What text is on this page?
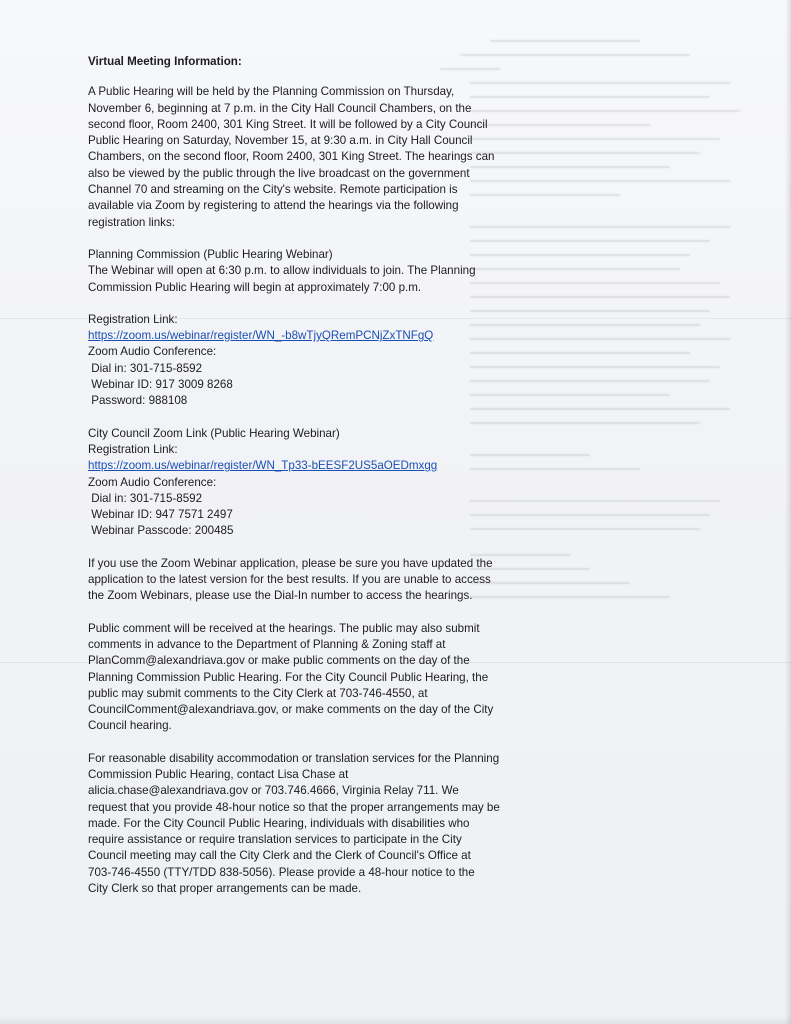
Virtual Meeting Information:
A Public Hearing will be held by the Planning Commission on Thursday,
November 6, beginning at 7 p.m. in the City Hall Council Chambers, on the
second floor, Room 2400, 301 King Street. It will be followed by a City Council
Public Hearing on Saturday, November 15, at 9:30 a.m. in City Hall Council
Chambers, on the second floor, Room 2400, 301 King Street. The hearings can
also be viewed by the public through the live broadcast on the government
Channel 70 and streaming on the City's website. Remote participation is
available via Zoom by registering to attend the hearings via the following
registration links:
Planning Commission (Public Hearing Webinar)
The Webinar will open at 6:30 p.m. to allow individuals to join. The Planning
Commission Public Hearing will begin at approximately 7:00 p.m.
Registration Link:
https://zoom.us/webinar/register/WN_-b8wTjyQRemPCNjZxTNFgQ
Zoom Audio Conference:
Dial in: 301-715-8592
Webinar ID: 917 3009 8268
Password: 988108
City Council Zoom Link (Public Hearing Webinar)
Registration Link:
https://zoom.us/webinar/register/WN_Tp33-bEESF2US5aOEDmxgg
Zoom Audio Conference:
Dial in: 301-715-8592
Webinar ID: 947 7571 2497
Webinar Passcode: 200485
If you use the Zoom Webinar application, please be sure you have updated the
application to the latest version for the best results. If you are unable to access
the Zoom Webinars, please use the Dial-In number to access the hearings.
Public comment will be received at the hearings. The public may also submit
comments in advance to the Department of Planning & Zoning staff at
PlanComm@alexandriava.gov or make public comments on the day of the
Planning Commission Public Hearing. For the City Council Public Hearing, the
public may submit comments to the City Clerk at 703-746-4550, at
CouncilComment@alexandriava.gov, or make comments on the day of the City
Council hearing.
For reasonable disability accommodation or translation services for the Planning
Commission Public Hearing, contact Lisa Chase at
alicia.chase@alexandriava.gov or 703.746.4666, Virginia Relay 711. We
request that you provide 48-hour notice so that the proper arrangements may be
made. For the City Council Public Hearing, individuals with disabilities who
require assistance or require translation services to participate in the City
Council meeting may call the City Clerk and the Clerk of Council's Office at
703-746-4550 (TTY/TDD 838-5056). Please provide a 48-hour notice to the
City Clerk so that proper arrangements can be made.
